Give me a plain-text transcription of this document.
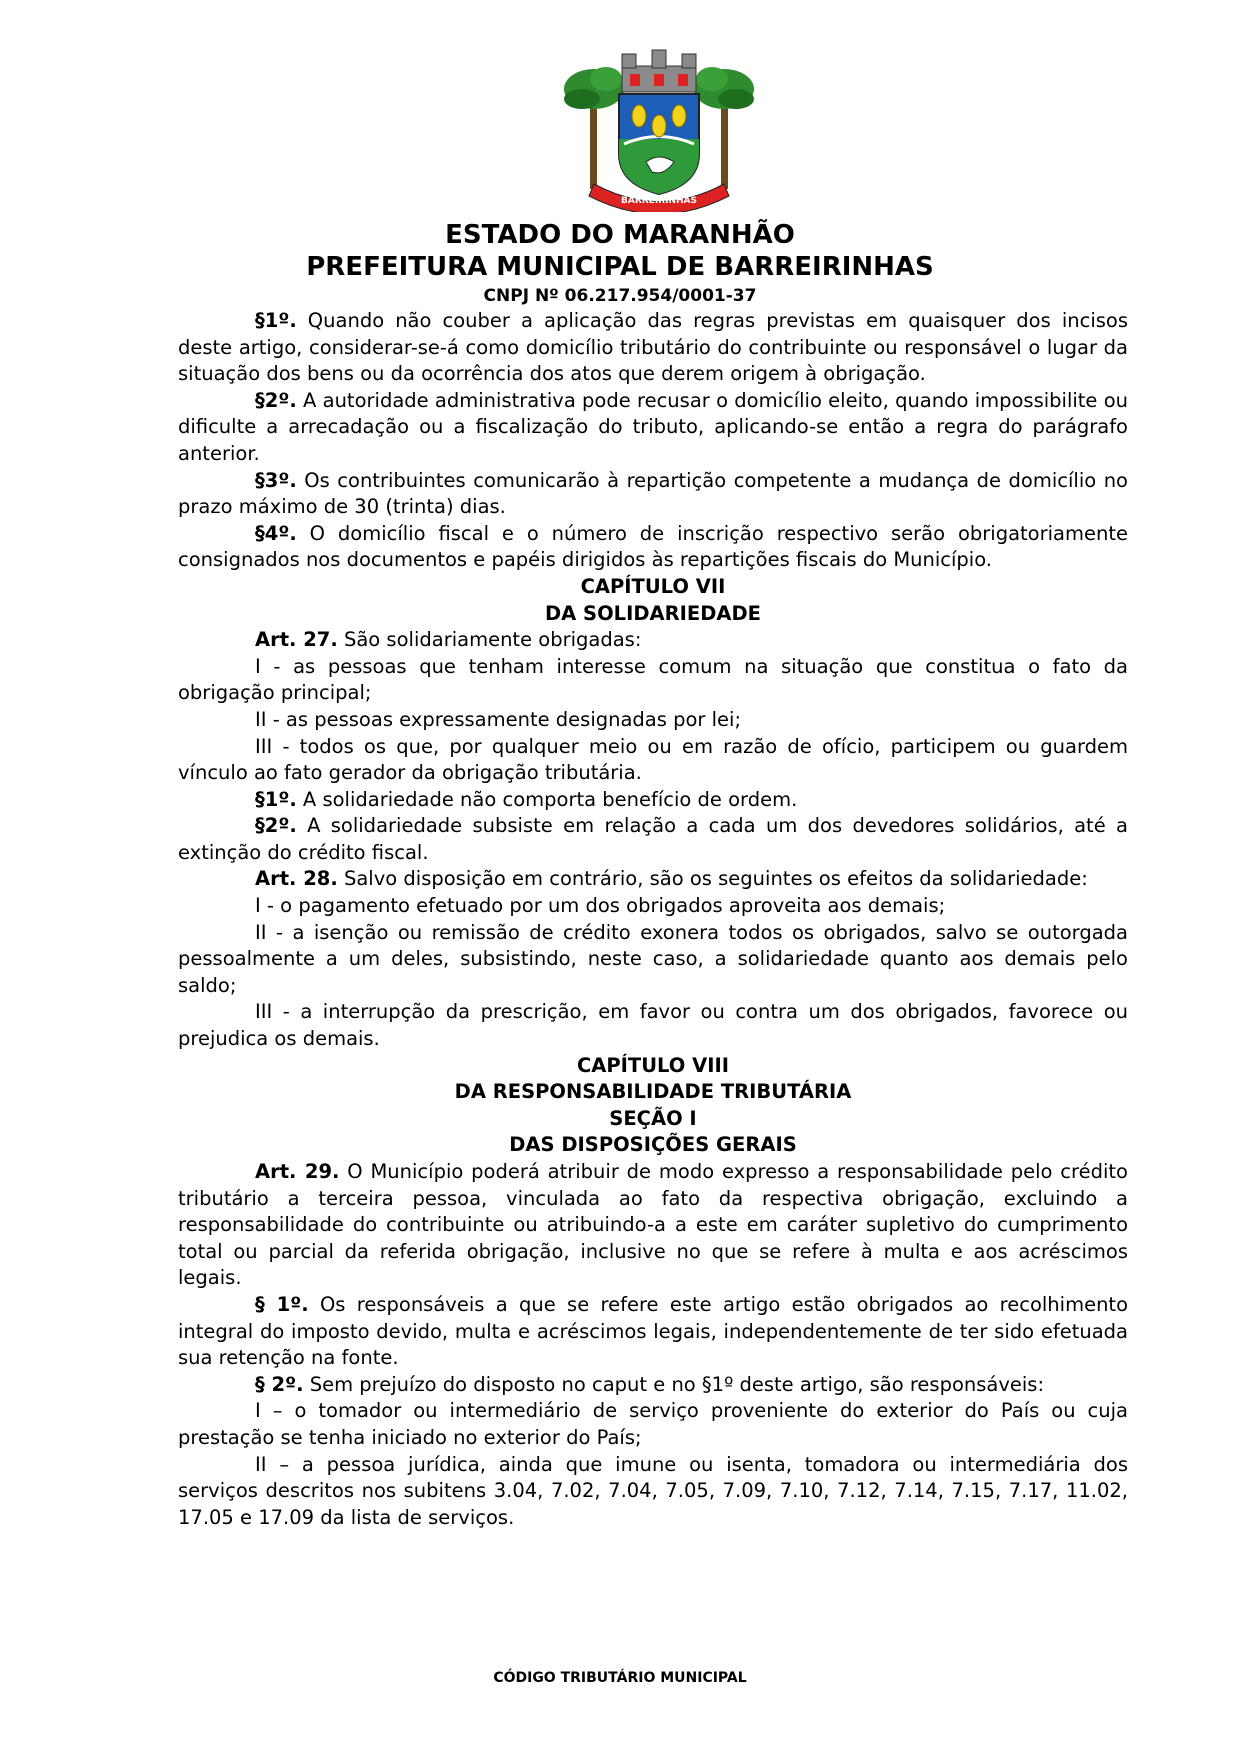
BARREIRINHAS
ESTADO DO MARANHÃO
PREFEITURA MUNICIPAL DE BARREIRINHAS
CNPJ Nº 06.217.954/0001-37

§1º. Quando não couber a aplicação das regras previstas em quaisquer dos incisos deste artigo, considerar-se-á como domicílio tributário do contribuinte ou responsável o lugar da situação dos bens ou da ocorrência dos atos que derem origem à obrigação.

§2º. A autoridade administrativa pode recusar o domicílio eleito, quando impossibilite ou dificulte a arrecadação ou a fiscalização do tributo, aplicando-se então a regra do parágrafo anterior.

§3º. Os contribuintes comunicarão à repartição competente a mudança de domicílio no prazo máximo de 30 (trinta) dias.

§4º. O domicílio fiscal e o número de inscrição respectivo serão obrigatoriamente consignados nos documentos e papéis dirigidos às repartições fiscais do Município.

CAPÍTULO VII

DA SOLIDARIEDADE

Art. 27. São solidariamente obrigadas:

I - as pessoas que tenham interesse comum na situação que constitua o fato da obrigação principal;

II - as pessoas expressamente designadas por lei;

III - todos os que, por qualquer meio ou em razão de ofício, participem ou guardem vínculo ao fato gerador da obrigação tributária.

§1º. A solidariedade não comporta benefício de ordem.

§2º. A solidariedade subsiste em relação a cada um dos devedores solidários, até a extinção do crédito fiscal.

Art. 28. Salvo disposição em contrário, são os seguintes os efeitos da solidariedade:

I - o pagamento efetuado por um dos obrigados aproveita aos demais;

II - a isenção ou remissão de crédito exonera todos os obrigados, salvo se outorgada pessoalmente a um deles, subsistindo, neste caso, a solidariedade quanto aos demais pelo saldo;

III - a interrupção da prescrição, em favor ou contra um dos obrigados, favorece ou prejudica os demais.

CAPÍTULO VIII

DA RESPONSABILIDADE TRIBUTÁRIA

SEÇÃO I

DAS DISPOSIÇÕES GERAIS

Art. 29. O Município poderá atribuir de modo expresso a responsabilidade pelo crédito tributário a terceira pessoa, vinculada ao fato da respectiva obrigação, excluindo a responsabilidade do contribuinte ou atribuindo-a a este em caráter supletivo do cumprimento total ou parcial da referida obrigação, inclusive no que se refere à multa e aos acréscimos legais.

§ 1º. Os responsáveis a que se refere este artigo estão obrigados ao recolhimento integral do imposto devido, multa e acréscimos legais, independentemente de ter sido efetuada sua retenção na fonte.

§ 2º. Sem prejuízo do disposto no caput e no §1º deste artigo, são responsáveis:

I – o tomador ou intermediário de serviço proveniente do exterior do País ou cuja prestação se tenha iniciado no exterior do País;

II – a pessoa jurídica, ainda que imune ou isenta, tomadora ou intermediária dos serviços descritos nos subitens 3.04, 7.02, 7.04, 7.05, 7.09, 7.10, 7.12, 7.14, 7.15, 7.17, 11.02, 17.05 e 17.09 da lista de serviços.

CÓDIGO TRIBUTÁRIO MUNICIPAL
